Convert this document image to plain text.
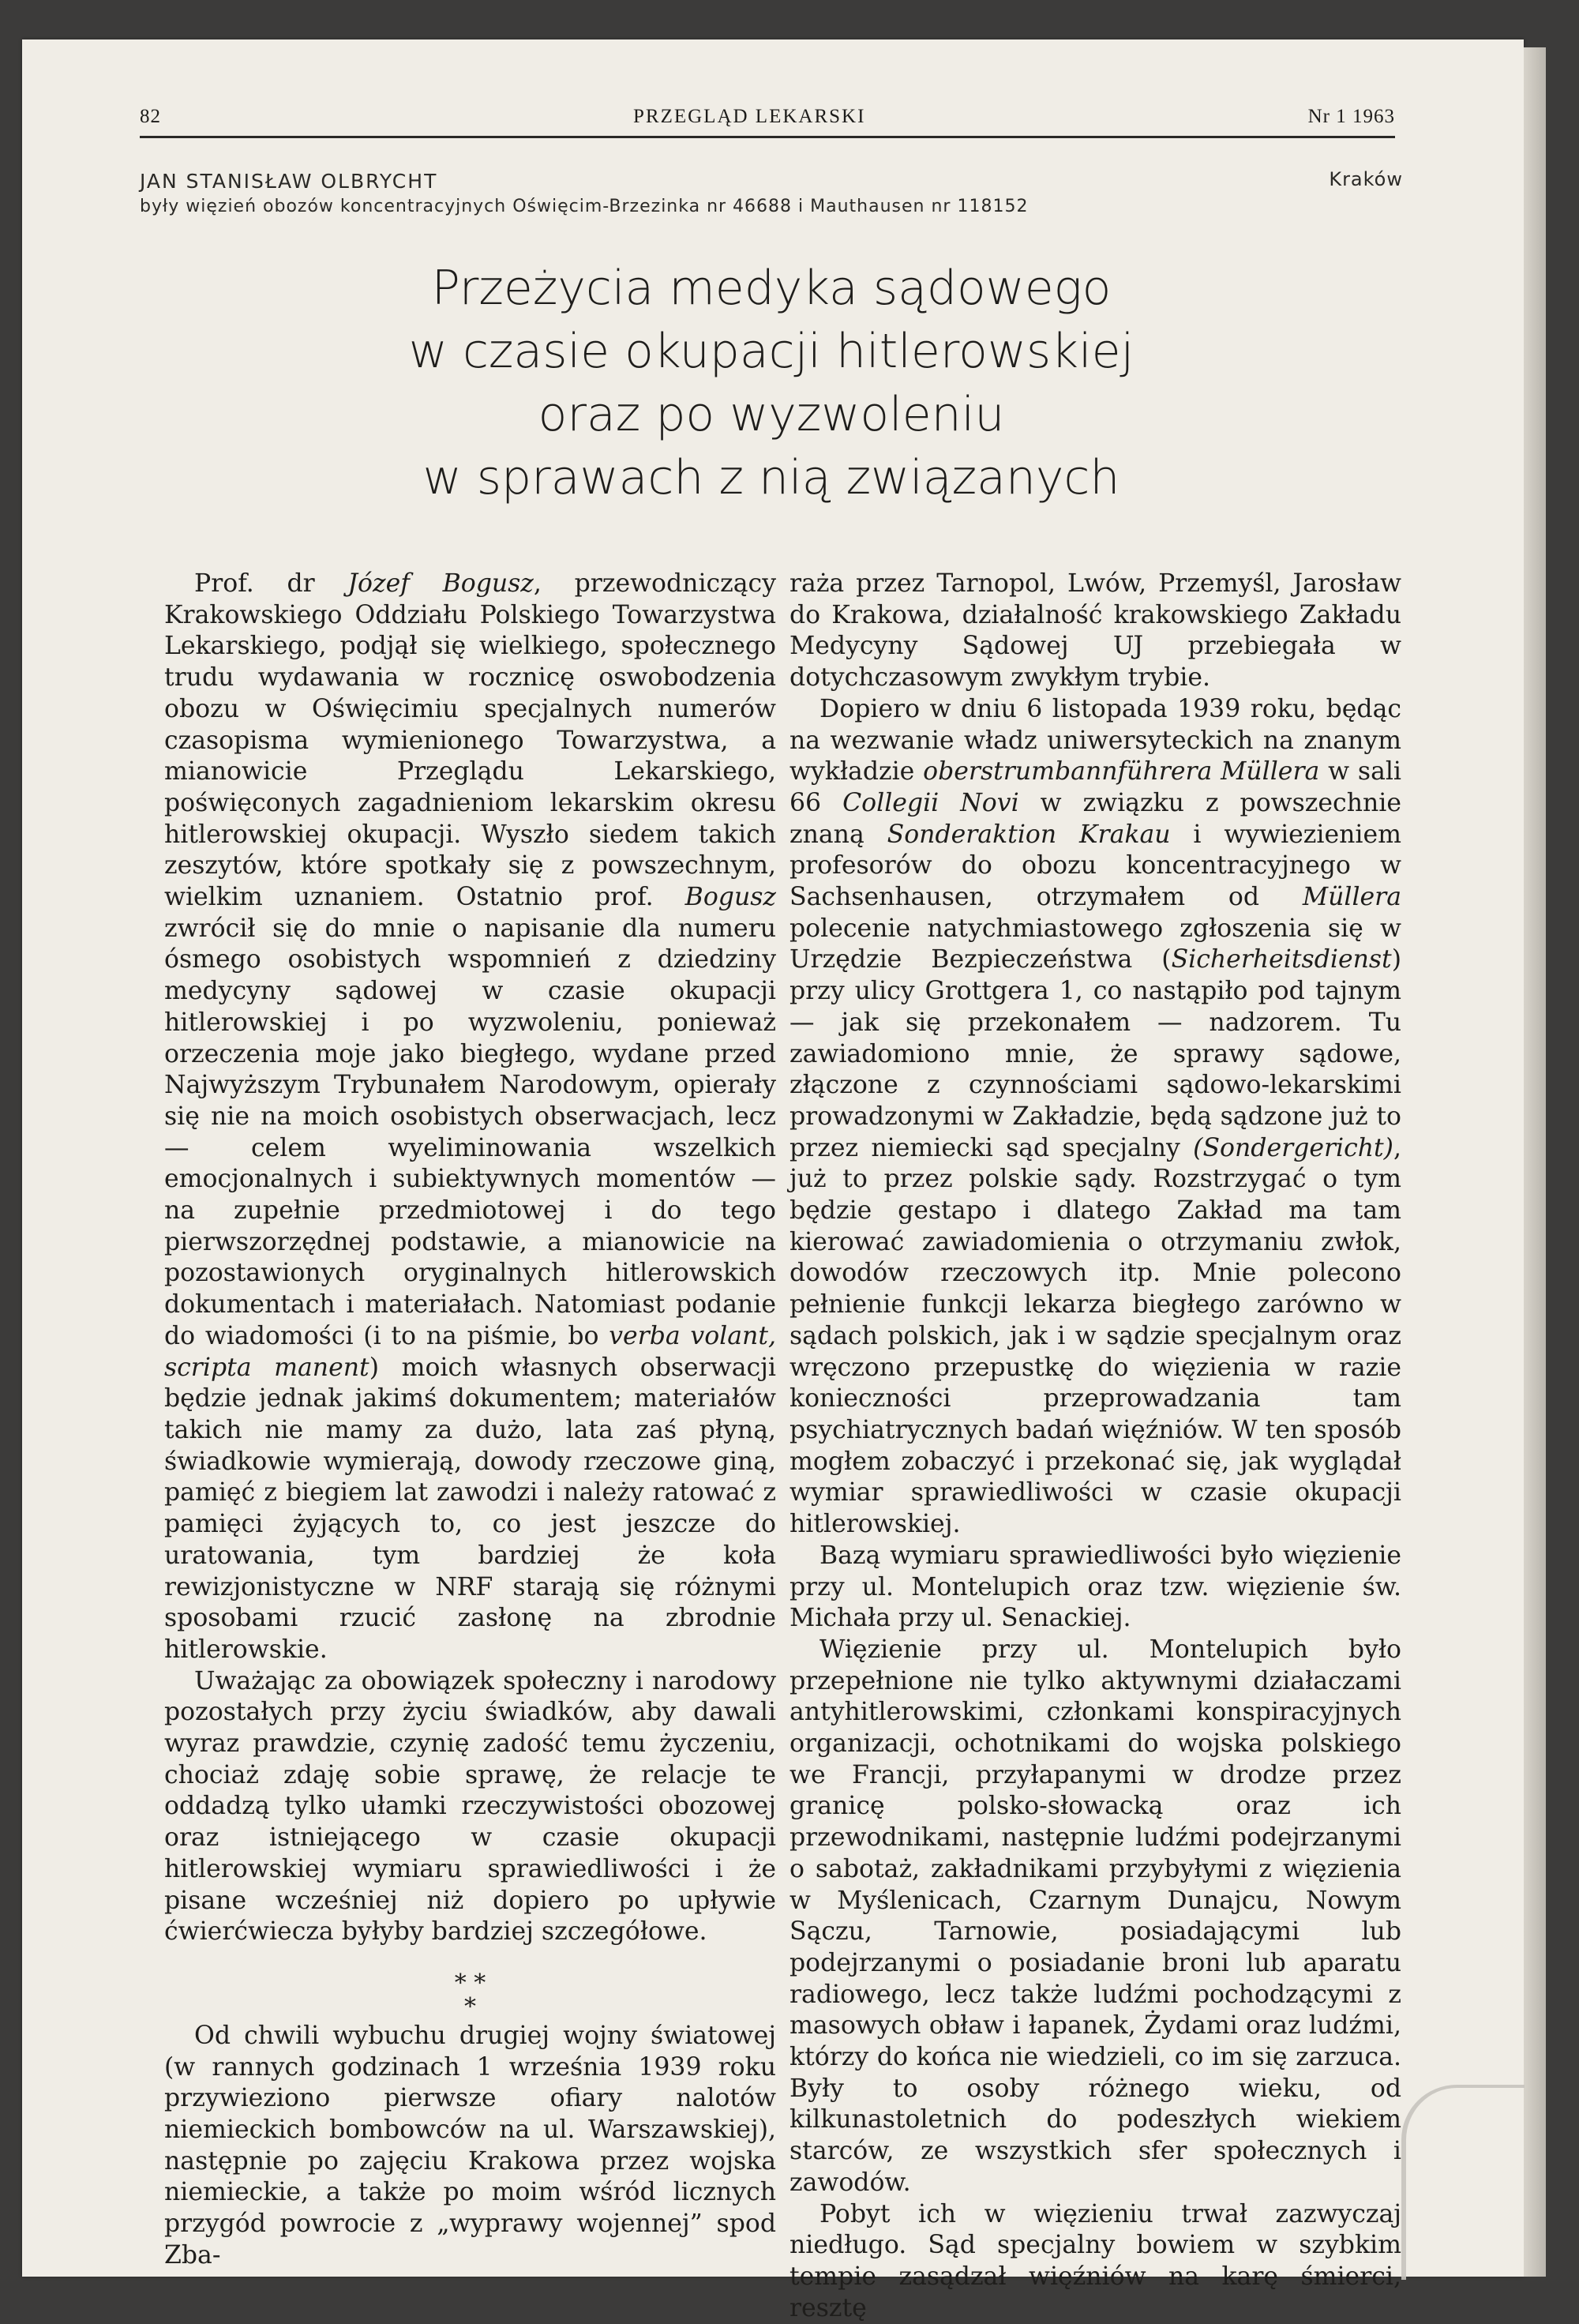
82	PRZEGLĄD LEKARSKI	Nr 1 1963

JAN STANISŁAW OLBRYCHT

były więzień obozów koncentracyjnych Oświęcim-Brzezinka nr 46688 i Mauthausen nr 118152

Kraków
Przeżycia medyka sądowego
w czasie okupacji hitlerowskiej
oraz po wyzwoleniu
w sprawach z nią związanych

Prof. dr Józef Bogusz, przewodniczący Krakowskiego Oddziału Polskiego Towarzystwa Lekarskiego, podjął się wielkiego, społecznego trudu wydawania w rocznicę oswobodzenia obozu w Oświęcimiu specjalnych numerów czasopisma wymienionego Towarzystwa, a mianowicie Przeglądu Lekarskiego, poświęconych zagadnieniom lekarskim okresu hitlerowskiej okupacji. Wyszło siedem takich zeszytów, które spotkały się z powszechnym, wielkim uznaniem. Ostatnio prof. Bogusz zwrócił się do mnie o napisanie dla numeru ósmego osobistych wspomnień z dziedziny medycyny sądowej w czasie okupacji hitlerowskiej i po wyzwoleniu, ponieważ orzeczenia moje jako biegłego, wydane przed Najwyższym Trybunałem Narodowym, opierały się nie na moich osobistych obserwacjach, lecz — celem wyeliminowania wszelkich emocjonalnych i subiektywnych momentów — na zupełnie przedmiotowej i do tego pierwszorzędnej podstawie, a mianowicie na pozostawionych oryginalnych hitlerowskich dokumentach i materiałach. Natomiast podanie do wiadomości (i to na piśmie, bo verba volant, scripta manent) moich własnych obserwacji będzie jednak jakimś dokumentem; materiałów takich nie mamy za dużo, lata zaś płyną, świadkowie wymierają, dowody rzeczowe giną, pamięć z biegiem lat zawodzi i należy ratować z pamięci żyjących to, co jest jeszcze do uratowania, tym bardziej że koła rewizjonistyczne w NRF starają się różnymi sposobami rzucić zasłonę na zbrodnie hitlerowskie.

Uważając za obowiązek społeczny i narodowy pozostałych przy życiu świadków, aby dawali wyraz prawdzie, czynię zadość temu życzeniu, chociaż zdaję sobie sprawę, że relacje te oddadzą tylko ułamki rzeczywistości obozowej oraz istniejącego w czasie okupacji hitlerowskiej wymiaru sprawiedliwości i że pisane wcześniej niż dopiero po upływie ćwierćwiecza byłyby bardziej szczegółowe.

* *
*

Od chwili wybuchu drugiej wojny światowej (w rannych godzinach 1 września 1939 roku przywieziono pierwsze ofiary nalotów niemieckich bombowców na ul. Warszawskiej), następnie po zajęciu Krakowa przez wojska niemieckie, a także po moim wśród licznych przygód powrocie z „wyprawy wojennej” spod Zba-

raża przez Tarnopol, Lwów, Przemyśl, Jarosław do Krakowa, działalność krakowskiego Zakładu Medycyny Sądowej UJ przebiegała w dotychczasowym zwykłym trybie.

Dopiero w dniu 6 listopada 1939 roku, będąc na wezwanie władz uniwersyteckich na znanym wykładzie oberstrumbannführera Müllera w sali 66 Collegii Novi w związku z powszechnie znaną Sonderaktion Krakau i wywiezieniem profesorów do obozu koncentracyjnego w Sachsenhausen, otrzymałem od Müllera polecenie natychmiastowego zgłoszenia się w Urzędzie Bezpieczeństwa (Sicherheitsdienst) przy ulicy Grottgera 1, co nastąpiło pod tajnym — jak się przekonałem — nadzorem. Tu zawiadomiono mnie, że sprawy sądowe, złączone z czynnościami sądowo-lekarskimi prowadzonymi w Zakładzie, będą sądzone już to przez niemiecki sąd specjalny (Sondergericht), już to przez polskie sądy. Rozstrzygać o tym będzie gestapo i dlatego Zakład ma tam kierować zawiadomienia o otrzymaniu zwłok, dowodów rzeczowych itp. Mnie polecono pełnienie funkcji lekarza biegłego zarówno w sądach polskich, jak i w sądzie specjalnym oraz wręczono przepustkę do więzienia w razie konieczności przeprowadzania tam psychiatrycznych badań więźniów. W ten sposób mogłem zobaczyć i przekonać się, jak wyglądał wymiar sprawiedliwości w czasie okupacji hitlerowskiej.

Bazą wymiaru sprawiedliwości było więzienie przy ul. Montelupich oraz tzw. więzienie św. Michała przy ul. Senackiej.

Więzienie przy ul. Montelupich było przepełnione nie tylko aktywnymi działaczami antyhitlerowskimi, członkami konspiracyjnych organizacji, ochotnikami do wojska polskiego we Francji, przyłapanymi w drodze przez granicę polsko-słowacką oraz ich przewodnikami, następnie ludźmi podejrzanymi o sabotaż, zakładnikami przybyłymi z więzienia w Myślenicach, Czarnym Dunajcu, Nowym Sączu, Tarnowie, posiadającymi lub podejrzanymi o posiadanie broni lub aparatu radiowego, lecz także ludźmi pochodzącymi z masowych obław i łapanek, Żydami oraz ludźmi, którzy do końca nie wiedzieli, co im się zarzuca. Były to osoby różnego wieku, od kilkunastoletnich do podeszłych wiekiem starców, ze wszystkich sfer społecznych i zawodów.

Pobyt ich w więzieniu trwał zazwyczaj niedługo. Sąd specjalny bowiem w szybkim tempie zasądzał więźniów na karę śmierci, resztę
